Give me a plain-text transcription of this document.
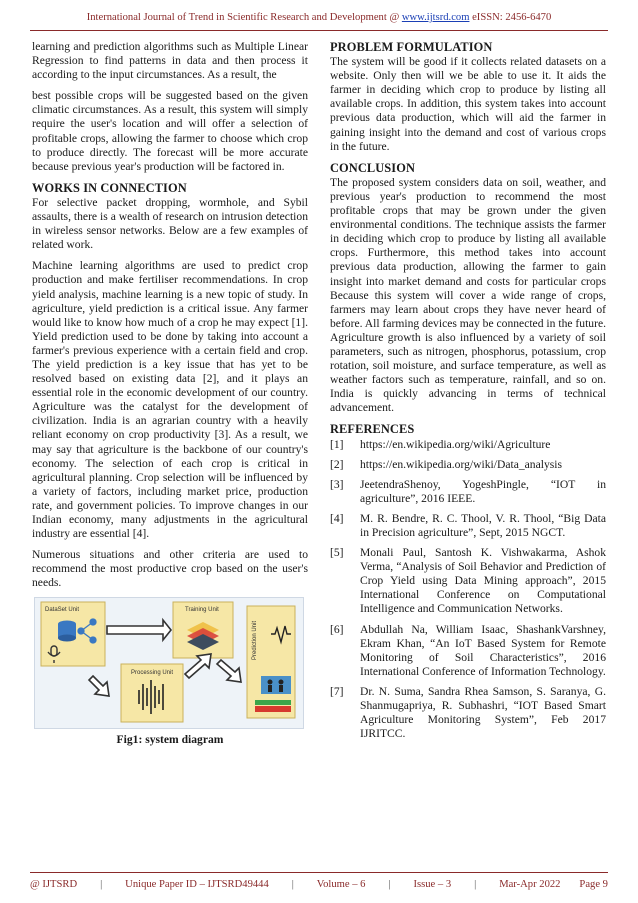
International Journal of Trend in Scientific Research and Development @ www.ijtsrd.com eISSN: 2456-6470

learning and prediction algorithms such as Multiple Linear Regression to find patterns in data and then process it according to the input circumstances. As a result, the

best possible crops will be suggested based on the given climatic circumstances. As a result, this system will simply require the user's location and will offer a selection of profitable crops, allowing the farmer to choose which crop to produce directly. The forecast will be more accurate because previous year's production will be factored in.

WORKS IN CONNECTION

For selective packet dropping, wormhole, and Sybil assaults, there is a wealth of research on intrusion detection in wireless sensor networks. Below are a few examples of related work.

Machine learning algorithms are used to predict crop production and make fertiliser recommendations. In crop yield analysis, machine learning is a new topic of study. In agriculture, yield prediction is a critical issue. Any farmer would like to know how much of a crop he may expect [1]. Yield prediction used to be done by taking into account a farmer's previous experience with a certain field and crop. The yield prediction is a key issue that has yet to be resolved based on existing data [2], and it plays an essential role in the economic development of our country. Agriculture was the catalyst for the development of civilization. India is an agrarian country with a heavily reliant economy on crop productivity [3]. As a result, we may say that agriculture is the backbone of our country's economy. The selection of each crop is critical in agricultural planning. Crop selection will be influenced by a variety of factors, including market price, production rate, and government policies. To improve changes in our Indian economy, many adjustments in the agricultural industry are essential [4].

Numerous situations and other criteria are used to recommend the most productive crop based on the user's needs.

DataSet Unit	Training Unit
Processing Unit
Prediction Unit
Fig1: system diagram
PROBLEM FORMULATION

The system will be good if it collects related datasets on a website. Only then will we be able to use it. It aids the farmer in deciding which crop to produce by listing all available crops. In addition, this system takes into account previous data production, which will aid the farmer in gaining insight into the demand and cost of various crops in the future.

CONCLUSION

The proposed system considers data on soil, weather, and previous year's production to recommend the most profitable crops that may be grown under the given environmental conditions. The technique assists the farmer in deciding which crop to produce by listing all available crops. Furthermore, this method takes into account previous data production, allowing the farmer to gain insight into market demand and costs for particular crops Because this system will cover a wide range of crops, farmers may learn about crops they have never heard of before. All farming devices may be connected in the future. Agriculture growth is also influenced by a variety of soil parameters, such as nitrogen, phosphorus, potassium, crop rotation, soil moisture, and surface temperature, as well as weather factors such as temperature, rainfall, and so on. India is quickly advancing in terms of technical advancement.

REFERENCES
[1]	https://en.wikipedia.org/wiki/Agriculture
[2]	https://en.wikipedia.org/wiki/Data_analysis
[3]	JeetendraShenoy, YogeshPingle, “IOT in agriculture”, 2016 IEEE.
[4]	M. R. Bendre, R. C. Thool, V. R. Thool, “Big Data in Precision agriculture”, Sept, 2015 NGCT.
[5]	Monali Paul, Santosh K. Vishwakarma, Ashok Verma, “Analysis of Soil Behavior and Prediction of Crop Yield using Data Mining approach”, 2015 International Conference on Computational Intelligence and Communication Networks.
[6]	Abdullah Na, William Isaac, ShashankVarshney, Ekram Khan, “An IoT Based System for Remote Monitoring of Soil Characteristics”, 2016 International Conference of Information Technology.
[7]	Dr. N. Suma, Sandra Rhea Samson, S. Saranya, G. Shanmugapriya, R. Subhashri, “IOT Based Smart Agriculture Monitoring System”, Feb 2017 IJRITCC.
@ IJTSRD | Unique Paper ID – IJTSRD49444 | Volume – 6 | Issue – 3 | Mar-Apr 2022 Page 9
